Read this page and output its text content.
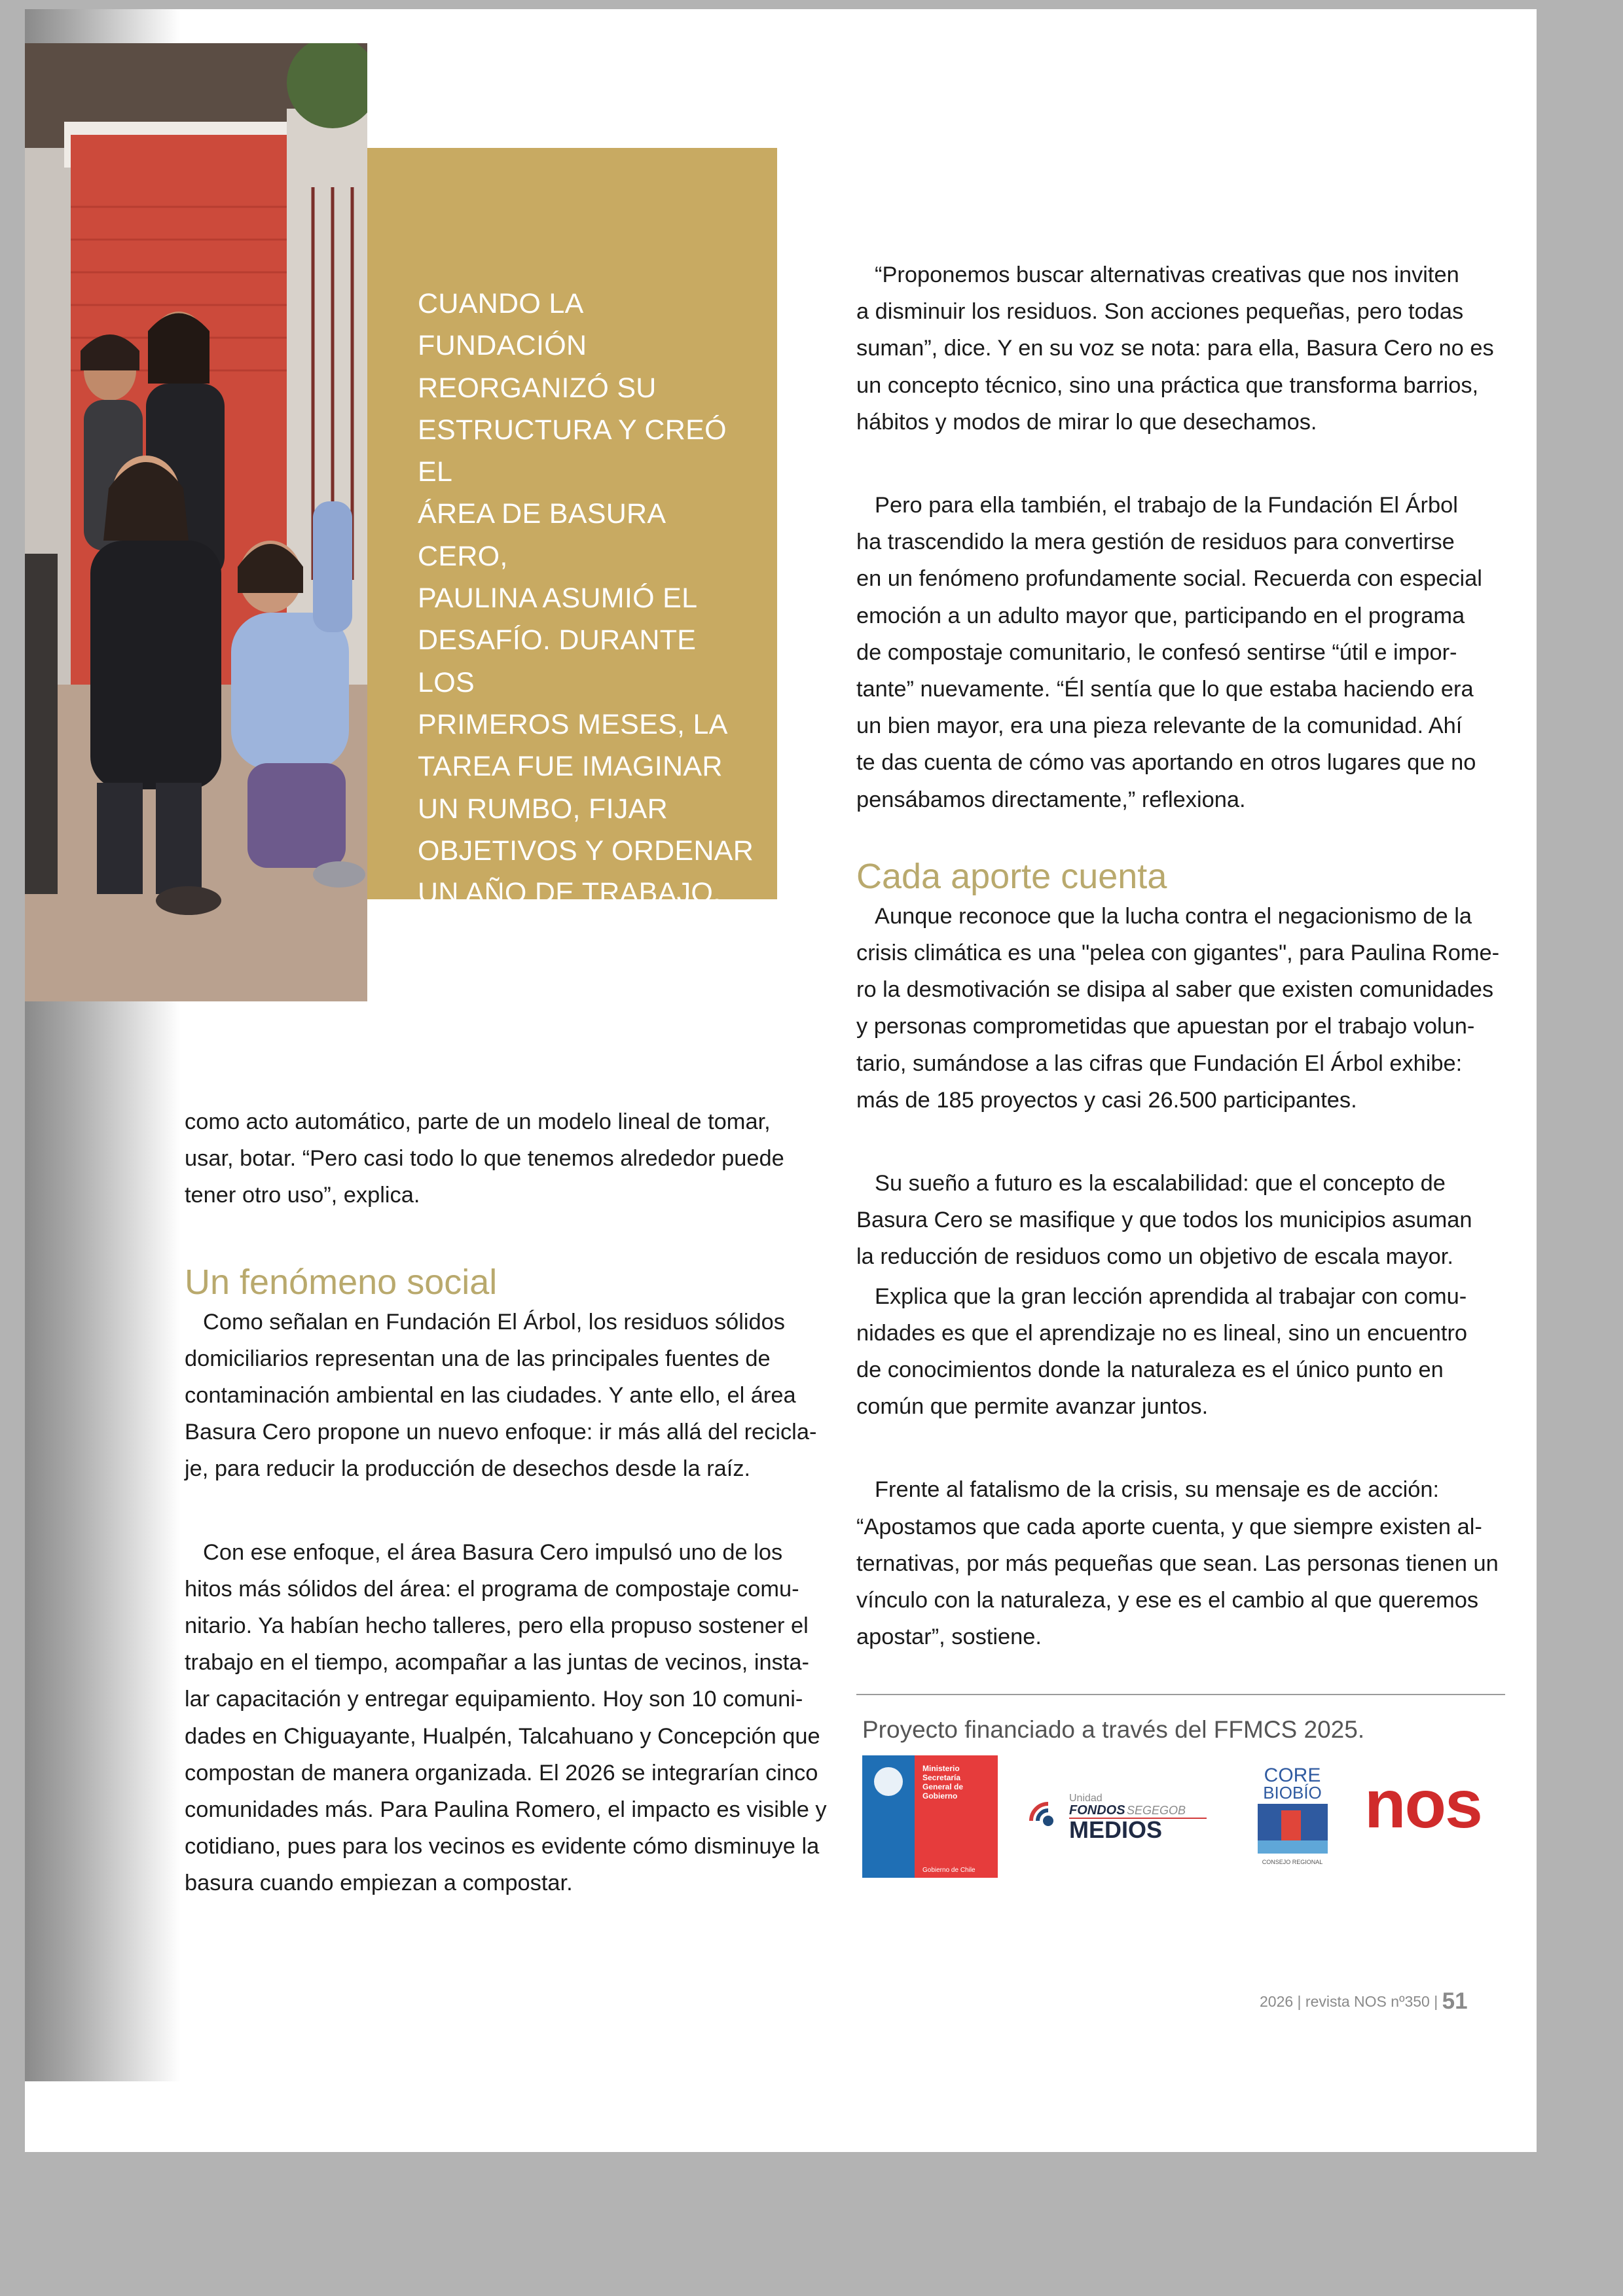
CUANDO LA
FUNDACIÓN
REORGANIZÓ SU
ESTRUCTURA Y CREÓ EL
ÁREA DE BASURA CERO,
PAULINA ASUMIÓ EL
DESAFÍO. DURANTE LOS
PRIMEROS MESES, LA
TAREA FUE IMAGINAR
UN RUMBO, FIJAR
OBJETIVOS Y ORDENAR
UN AÑO DE TRABAJO.

como acto automático, parte de un modelo lineal de tomar,
usar, botar. “Pero casi todo lo que tenemos alrededor puede
tener otro uso”, explica.

Un fenómeno social

Como señalan en Fundación El Árbol, los residuos sólidos
domiciliarios representan una de las principales fuentes de
contaminación ambiental en las ciudades. Y ante ello, el área
Basura Cero propone un nuevo enfoque: ir más allá del recicla-
je, para reducir la producción de desechos desde la raíz.

Con ese enfoque, el área Basura Cero impulsó uno de los
hitos más sólidos del área: el programa de compostaje comu-
nitario. Ya habían hecho talleres, pero ella propuso sostener el
trabajo en el tiempo, acompañar a las juntas de vecinos, insta-
lar capacitación y entregar equipamiento. Hoy son 10 comuni-
dades en Chiguayante, Hualpén, Talcahuano y Concepción que
compostan de manera organizada. El 2026 se integrarían cinco
comunidades más. Para Paulina Romero, el impacto es visible y
cotidiano, pues para los vecinos es evidente cómo disminuye la
basura cuando empiezan a compostar.

“Proponemos buscar alternativas creativas que nos inviten
a disminuir los residuos. Son acciones pequeñas, pero todas
suman”, dice. Y en su voz se nota: para ella, Basura Cero no es
un concepto técnico, sino una práctica que transforma barrios,
hábitos y modos de mirar lo que desechamos.

Pero para ella también, el trabajo de la Fundación El Árbol
ha trascendido la mera gestión de residuos para convertirse
en un fenómeno profundamente social. Recuerda con especial
emoción a un adulto mayor que, participando en el programa
de compostaje comunitario, le confesó sentirse “útil e impor-
tante” nuevamente. “Él sentía que lo que estaba haciendo era
un bien mayor, era una pieza relevante de la comunidad. Ahí
te das cuenta de cómo vas aportando en otros lugares que no
pensábamos directamente,” reflexiona.

Cada aporte cuenta

Aunque reconoce que la lucha contra el negacionismo de la
crisis climática es una "pelea con gigantes", para Paulina Rome-
ro la desmotivación se disipa al saber que existen comunidades
y personas comprometidas que apuestan por el trabajo volun-
tario, sumándose a las cifras que Fundación El Árbol exhibe:
más de 185 proyectos y casi 26.500 participantes.

Su sueño a futuro es la escalabilidad: que el concepto de
Basura Cero se masifique y que todos los municipios asuman
la reducción de residuos como un objetivo de escala mayor.

Explica que la gran lección aprendida al trabajar con comu-
nidades es que el aprendizaje no es lineal, sino un encuentro
de conocimientos donde la naturaleza es el único punto en
común que permite avanzar juntos.

Frente al fatalismo de la crisis, su mensaje es de acción:
“Apostamos que cada aporte cuenta, y que siempre existen al-
ternativas, por más pequeñas que sean. Las personas tienen un
vínculo con la naturaleza, y ese es el cambio al que queremos
apostar”, sostiene.

Proyecto financiado a través del FFMCS 2025.
Ministerio
Secretaría
General de
Gobierno
Gobierno de Chile
Unidad
FONDOS SEGEGOB
MEDIOS
CORE
BIOBÍO
CONSEJO REGIONAL
nos
2026 | revista NOS nº350 | 51
